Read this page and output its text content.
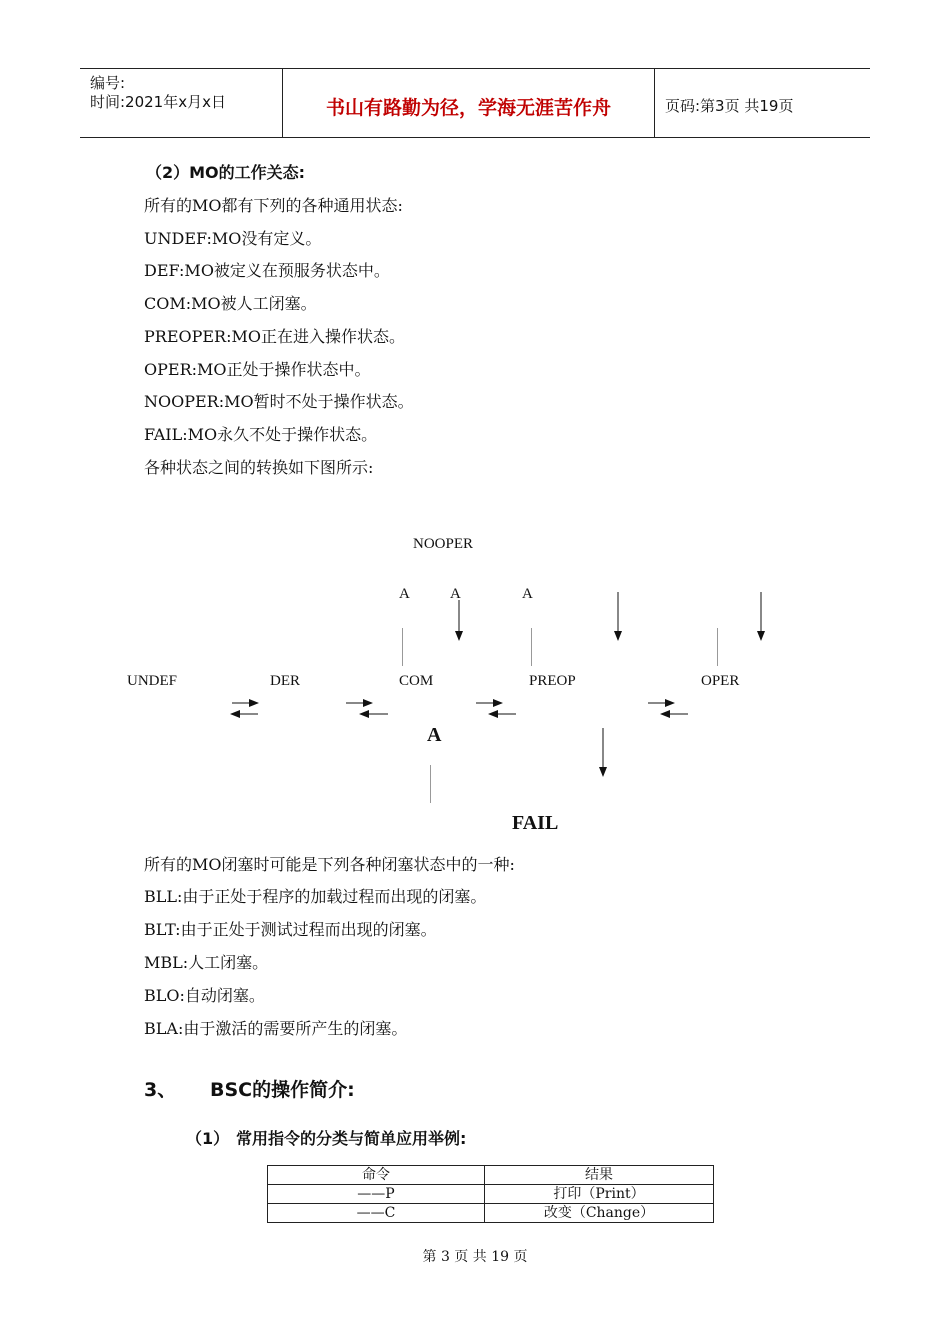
编号:
时间:2021年x月x日	书山有路勤为径，学海无涯苦作舟	页码:第3页 共19页
（2）MO的工作关态:
所有的MO都有下列的各种通用状态:
UNDEF:MO没有定义。
DEF:MO被定义在预服务状态中。
COM:MO被人工闭塞。
PREOPER:MO正在进入操作状态。
OPER:MO正处于操作状态中。
NOOPER:MO暂时不处于操作状态。
FAIL:MO永久不处于操作状态。
各种状态之间的转换如下图所示:
NOOPER
A	A	A
UNDEF	DER	COM	PREOP	OPER
A
FAIL
所有的MO闭塞时可能是下列各种闭塞状态中的一种:
BLL:由于正处于程序的加载过程而出现的闭塞。
BLT:由于正处于测试过程而出现的闭塞。
MBL:人工闭塞。
BLO:自动闭塞。
BLA:由于激活的需要所产生的闭塞。
3、 BSC的操作简介:
（1） 常用指令的分类与简单应用举例:
命令	结果
——P	打印（Print）
——C	改变（Change）
第 3 页 共 19 页
